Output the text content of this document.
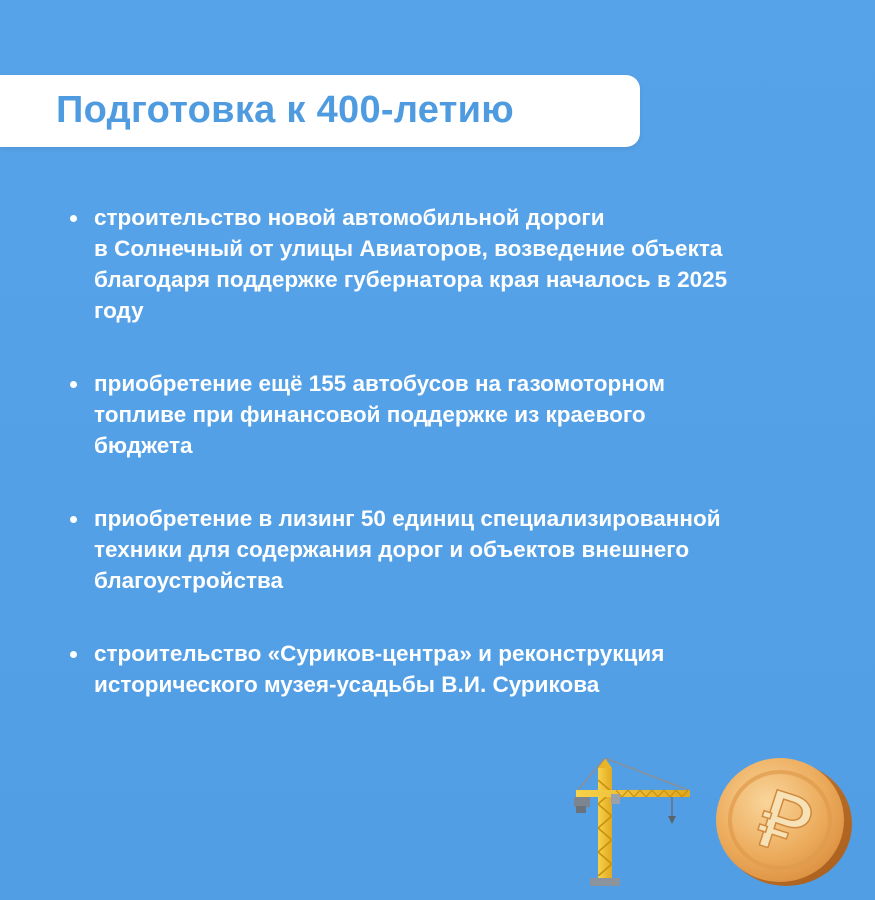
Подготовка к 400-летию
строительство новой автомобильной дороги
в Солнечный от улицы Авиаторов, возведение объекта
благодаря поддержке губернатора края началось в 2025
году
приобретение ещё 155 автобусов на газомоторном
топливе при финансовой поддержке из краевого
бюджета
приобретение в лизинг 50 единиц специализированной
техники для содержания дорог и объектов внешнего
благоустройства
строительство «Суриков-центра» и реконструкция
исторического музея-усадьбы В.И. Сурикова
